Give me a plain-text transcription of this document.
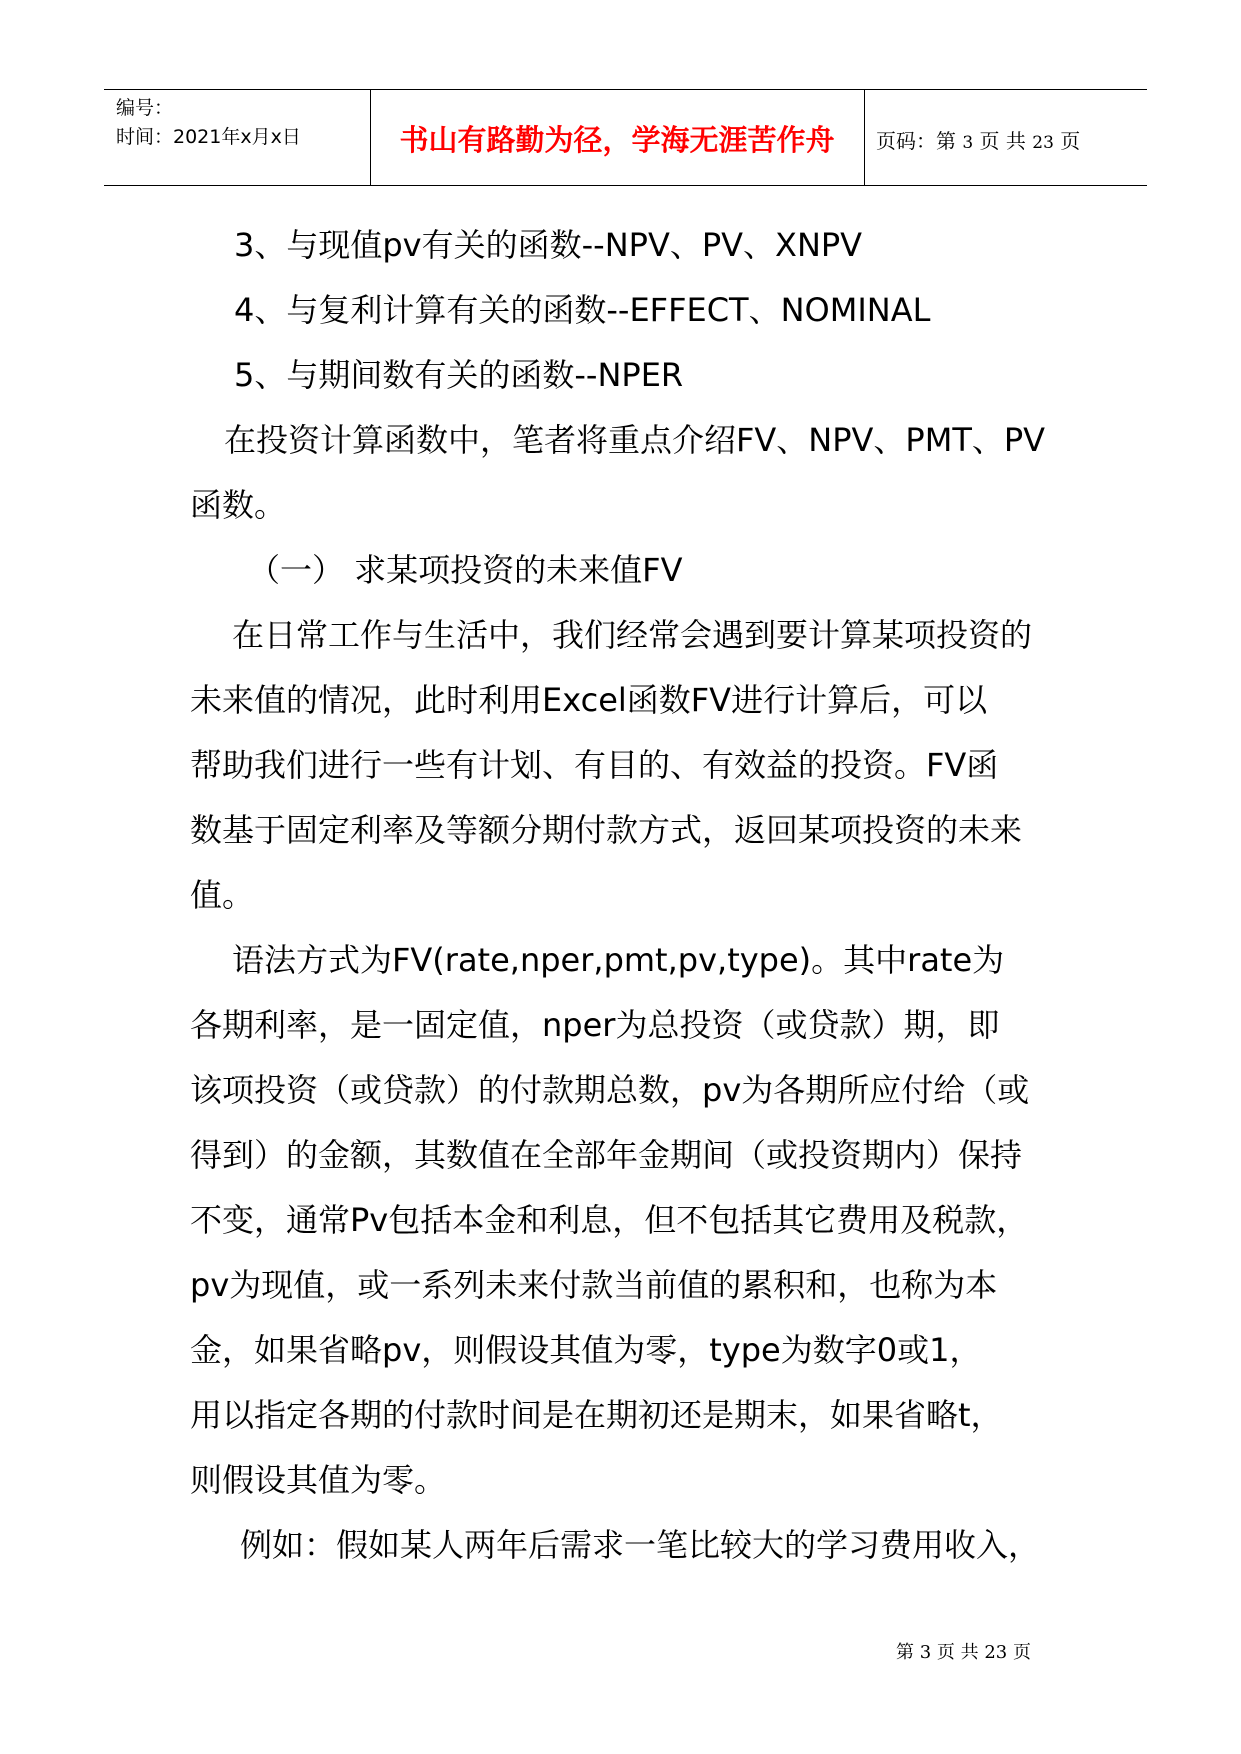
编号：
时间：2021年x月x日	书山有路勤为径，学海无涯苦作舟	页码：第 3 页 共 23 页
3、与现值pv有关的函数--NPV、PV、XNPV
4、与复利计算有关的函数--EFFECT、NOMINAL
5、与期间数有关的函数--NPER
在投资计算函数中，笔者将重点介绍FV、NPV、PMT、PV
函数。
（一） 求某项投资的未来值FV
在日常工作与生活中，我们经常会遇到要计算某项投资的
未来值的情况，此时利用Excel函数FV进行计算后，可以
帮助我们进行一些有计划、有目的、有效益的投资。FV函
数基于固定利率及等额分期付款方式，返回某项投资的未来
值。
语法方式为FV(rate,nper,pmt,pv,type)。其中rate为
各期利率，是一固定值，nper为总投资（或贷款）期，即
该项投资（或贷款）的付款期总数，pv为各期所应付给（或
得到）的金额，其数值在全部年金期间（或投资期内）保持
不变，通常Pv包括本金和利息，但不包括其它费用及税款，
pv为现值，或一系列未来付款当前值的累积和，也称为本
金，如果省略pv，则假设其值为零，type为数字0或1，
用以指定各期的付款时间是在期初还是期末，如果省略t，
则假设其值为零。
例如：假如某人两年后需求一笔比较大的学习费用收入，
第 3 页 共 23 页
